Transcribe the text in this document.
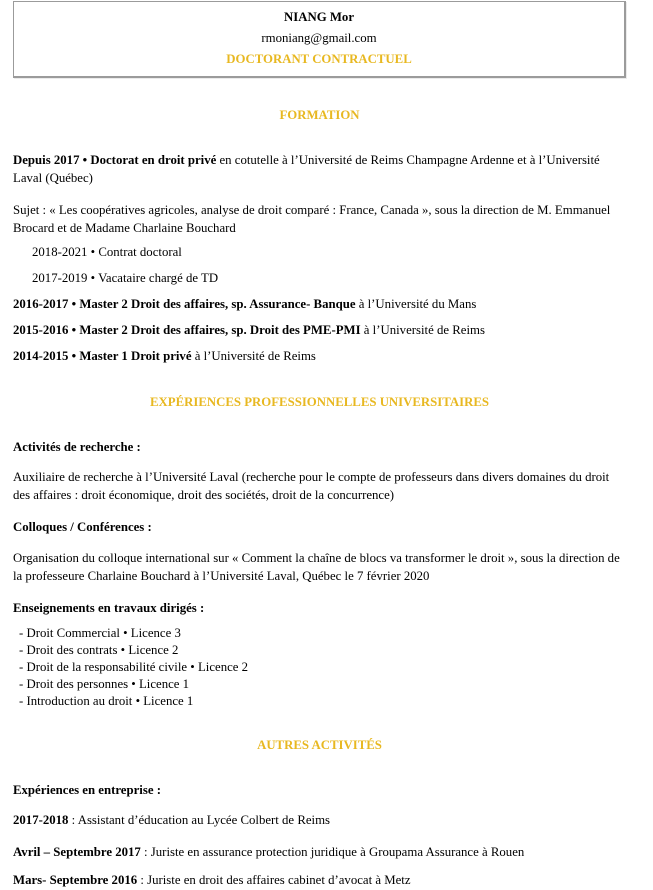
NIANG Mor
rmoniang@gmail.com
DOCTORANT CONTRACTUEL
FORMATION

Depuis 2017 • Doctorat en droit privé en cotutelle à l’Université de Reims Champagne Ardenne et à l’Université Laval (Québec)

Sujet : « Les coopératives agricoles, analyse de droit comparé : France, Canada », sous la direction de M. Emmanuel Brocard et de Madame Charlaine Bouchard

2018-2021 • Contrat doctoral
2017-2019 • Vacataire chargé de TD

2016-2017 • Master 2 Droit des affaires, sp. Assurance- Banque à l’Université du Mans

2015-2016 • Master 2 Droit des affaires, sp. Droit des PME-PMI à l’Université de Reims

2014-2015 • Master 1 Droit privé à l’Université de Reims

EXPÉRIENCES PROFESSIONNELLES UNIVERSITAIRES

Activités de recherche :

Auxiliaire de recherche à l’Université Laval (recherche pour le compte de professeurs dans divers domaines du droit des affaires : droit économique, droit des sociétés, droit de la concurrence)

Colloques / Conférences :

Organisation du colloque international sur « Comment la chaîne de blocs va transformer le droit », sous la direction de la professeure Charlaine Bouchard à l’Université Laval, Québec le 7 février 2020

Enseignements en travaux dirigés :

- Droit Commercial • Licence 3
- Droit des contrats • Licence 2
- Droit de la responsabilité civile • Licence 2
- Droit des personnes • Licence 1
- Introduction au droit • Licence 1
AUTRES ACTIVITÉS

Expériences en entreprise :

2017-2018 : Assistant d’éducation au Lycée Colbert de Reims

Avril – Septembre 2017 : Juriste en assurance protection juridique à Groupama Assurance à Rouen

Mars- Septembre 2016 : Juriste en droit des affaires cabinet d’avocat à Metz
